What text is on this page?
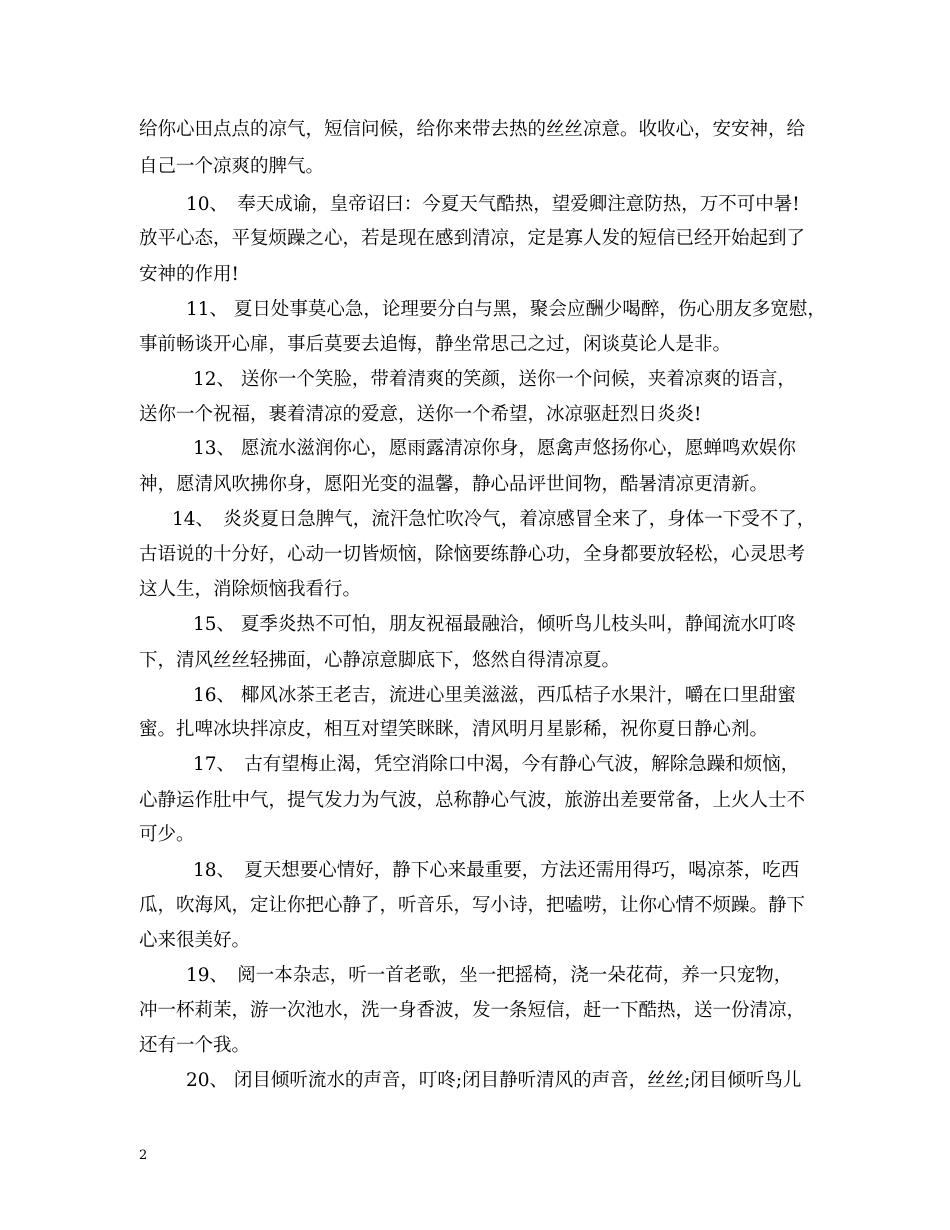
给你心田点点的凉气，短信问候，给你来带去热的丝丝凉意。收收心，安安神，给
自己一个凉爽的脾气。
10、　奉天成谕，皇帝诏曰：今夏天气酷热，望爱卿注意防热，万不可中暑!
放平心态，平复烦躁之心，若是现在感到清凉，定是寡人发的短信已经开始起到了
安神的作用!
11、 夏日处事莫心急，论理要分白与黑，聚会应酬少喝醉，伤心朋友多宽慰，
事前畅谈开心扉，事后莫要去追悔，静坐常思己之过，闲谈莫论人是非。
12、 送你一个笑脸，带着清爽的笑颜，送你一个问候，夹着凉爽的语言，
送你一个祝福，裹着清凉的爱意，送你一个希望，冰凉驱赶烈日炎炎!
13、 愿流水滋润你心，愿雨露清凉你身，愿禽声悠扬你心，愿蝉鸣欢娱你
神，愿清风吹拂你身，愿阳光变的温馨，静心品评世间物，酷暑清凉更清新。
14、　炎炎夏日急脾气，流汗急忙吹冷气，着凉感冒全来了，身体一下受不了，
古语说的十分好，心动一切皆烦恼，除恼要练静心功，全身都要放轻松，心灵思考
这人生，消除烦恼我看行。
15、 夏季炎热不可怕，朋友祝福最融洽，倾听鸟儿枝头叫，静闻流水叮咚
下，清风丝丝轻拂面，心静凉意脚底下，悠然自得清凉夏。
16、 椰风冰茶王老吉，流进心里美滋滋，西瓜桔子水果汁，嚼在口里甜蜜
蜜。扎啤冰块拌凉皮，相互对望笑眯眯，清风明月星影稀，祝你夏日静心剂。
17、　古有望梅止渴，凭空消除口中渴，今有静心气波，解除急躁和烦恼，
心静运作肚中气，提气发力为气波，总称静心气波，旅游出差要常备，上火人士不
可少。
18、　夏天想要心情好，静下心来最重要，方法还需用得巧，喝凉茶，吃西
瓜，吹海风，定让你把心静了，听音乐，写小诗，把嗑唠，让你心情不烦躁。静下
心来很美好。
19、　阅一本杂志，听一首老歌，坐一把摇椅，浇一朵花荷，养一只宠物，
冲一杯莉茉，游一次池水，洗一身香波，发一条短信，赶一下酷热，送一份清凉，
还有一个我。
20、 闭目倾听流水的声音，叮咚;闭目静听清风的声音，丝丝;闭目倾听鸟儿
2
